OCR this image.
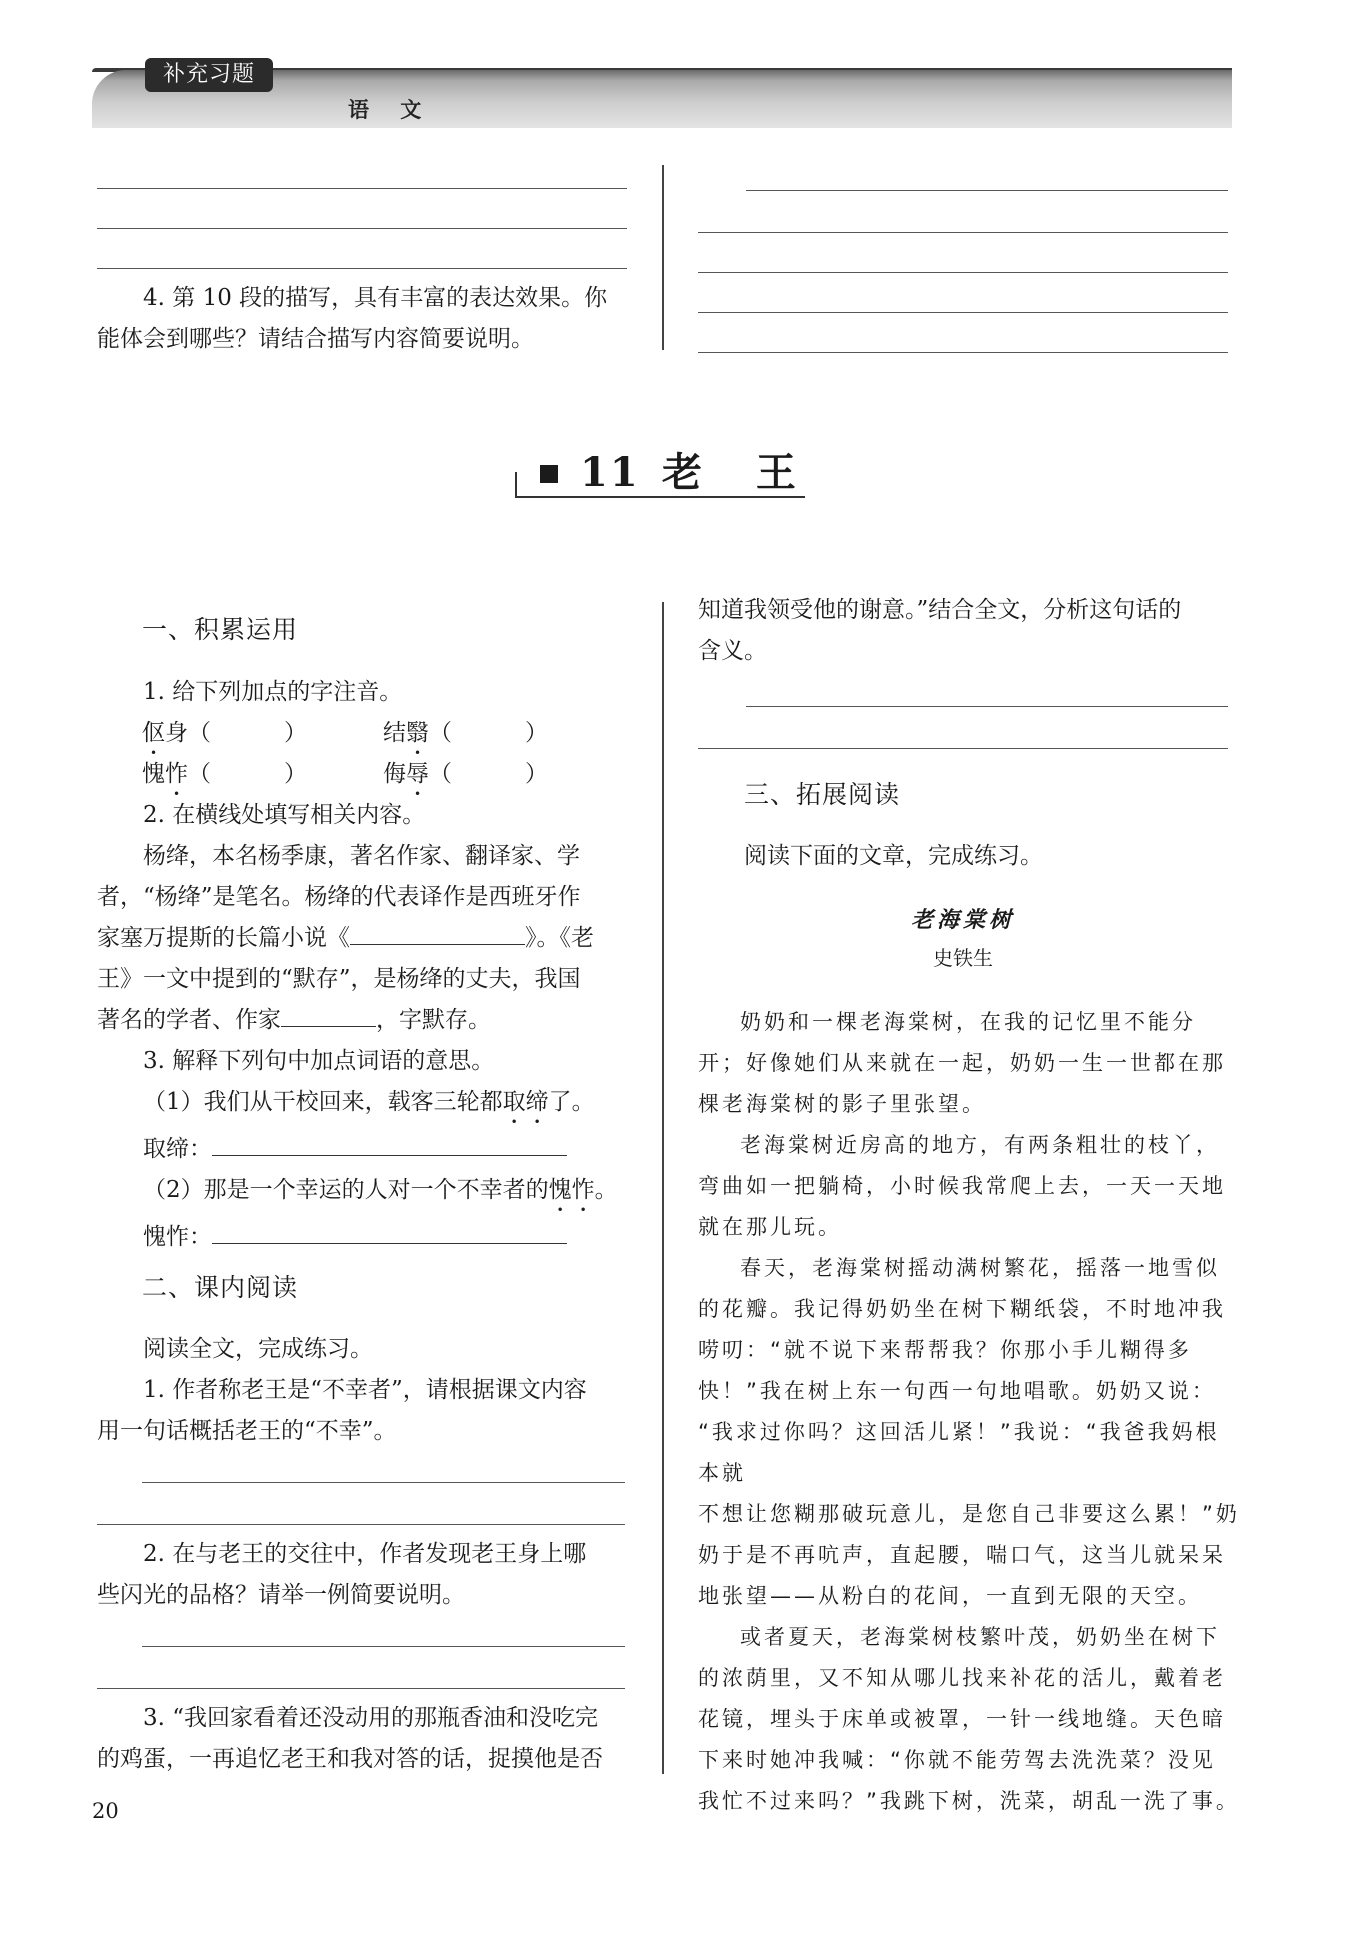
补充习题
语 文

4. 第 10 段的描写，具有丰富的表达效果。你

能体会到哪些？请结合描写内容简要说明。

11 老 王
一、积累运用

1. 给下列加点的字注音。

伛身（	）	结翳（	）
愧怍（	）	侮辱（	）

2. 在横线处填写相关内容。

杨绛，本名杨季康，著名作家、翻译家、学

者，“杨绛”是笔名。杨绛的代表译作是西班牙作

家塞万提斯的长篇小说《	》。《老

王》一文中提到的“默存”，是杨绛的丈夫，我国

著名的学者、作家	，字默存。

3. 解释下列句中加点词语的意思。

（1）我们从干校回来，载客三轮都取缔了。

取缔：

（2）那是一个幸运的人对一个不幸者的愧怍。

愧怍：

二、课内阅读

阅读全文，完成练习。

1. 作者称老王是“不幸者”，请根据课文内容

用一句话概括老王的“不幸”。

2. 在与老王的交往中，作者发现老王身上哪

些闪光的品格？请举一例简要说明。

3. “我回家看着还没动用的那瓶香油和没吃完

的鸡蛋，一再追忆老王和我对答的话，捉摸他是否

知道我领受他的谢意。”结合全文，分析这句话的

含义。

三、拓展阅读

阅读下面的文章，完成练习。

老海棠树
史铁生

奶奶和一棵老海棠树，在我的记忆里不能分

开；好像她们从来就在一起，奶奶一生一世都在那

棵老海棠树的影子里张望。

老海棠树近房高的地方，有两条粗壮的枝丫，

弯曲如一把躺椅，小时候我常爬上去，一天一天地

就在那儿玩。

春天，老海棠树摇动满树繁花，摇落一地雪似

的花瓣。我记得奶奶坐在树下糊纸袋，不时地冲我

唠叨：“就不说下来帮帮我？你那小手儿糊得多

快！”我在树上东一句西一句地唱歌。奶奶又说：

“我求过你吗？这回活儿紧！”我说：“我爸我妈根本就

不想让您糊那破玩意儿，是您自己非要这么累！”奶

奶于是不再吭声，直起腰，喘口气，这当儿就呆呆

地张望——从粉白的花间，一直到无限的天空。

或者夏天，老海棠树枝繁叶茂，奶奶坐在树下

的浓荫里，又不知从哪儿找来补花的活儿，戴着老

花镜，埋头于床单或被罩，一针一线地缝。天色暗

下来时她冲我喊：“你就不能劳驾去洗洗菜？没见

我忙不过来吗？”我跳下树，洗菜，胡乱一洗了事。

20
